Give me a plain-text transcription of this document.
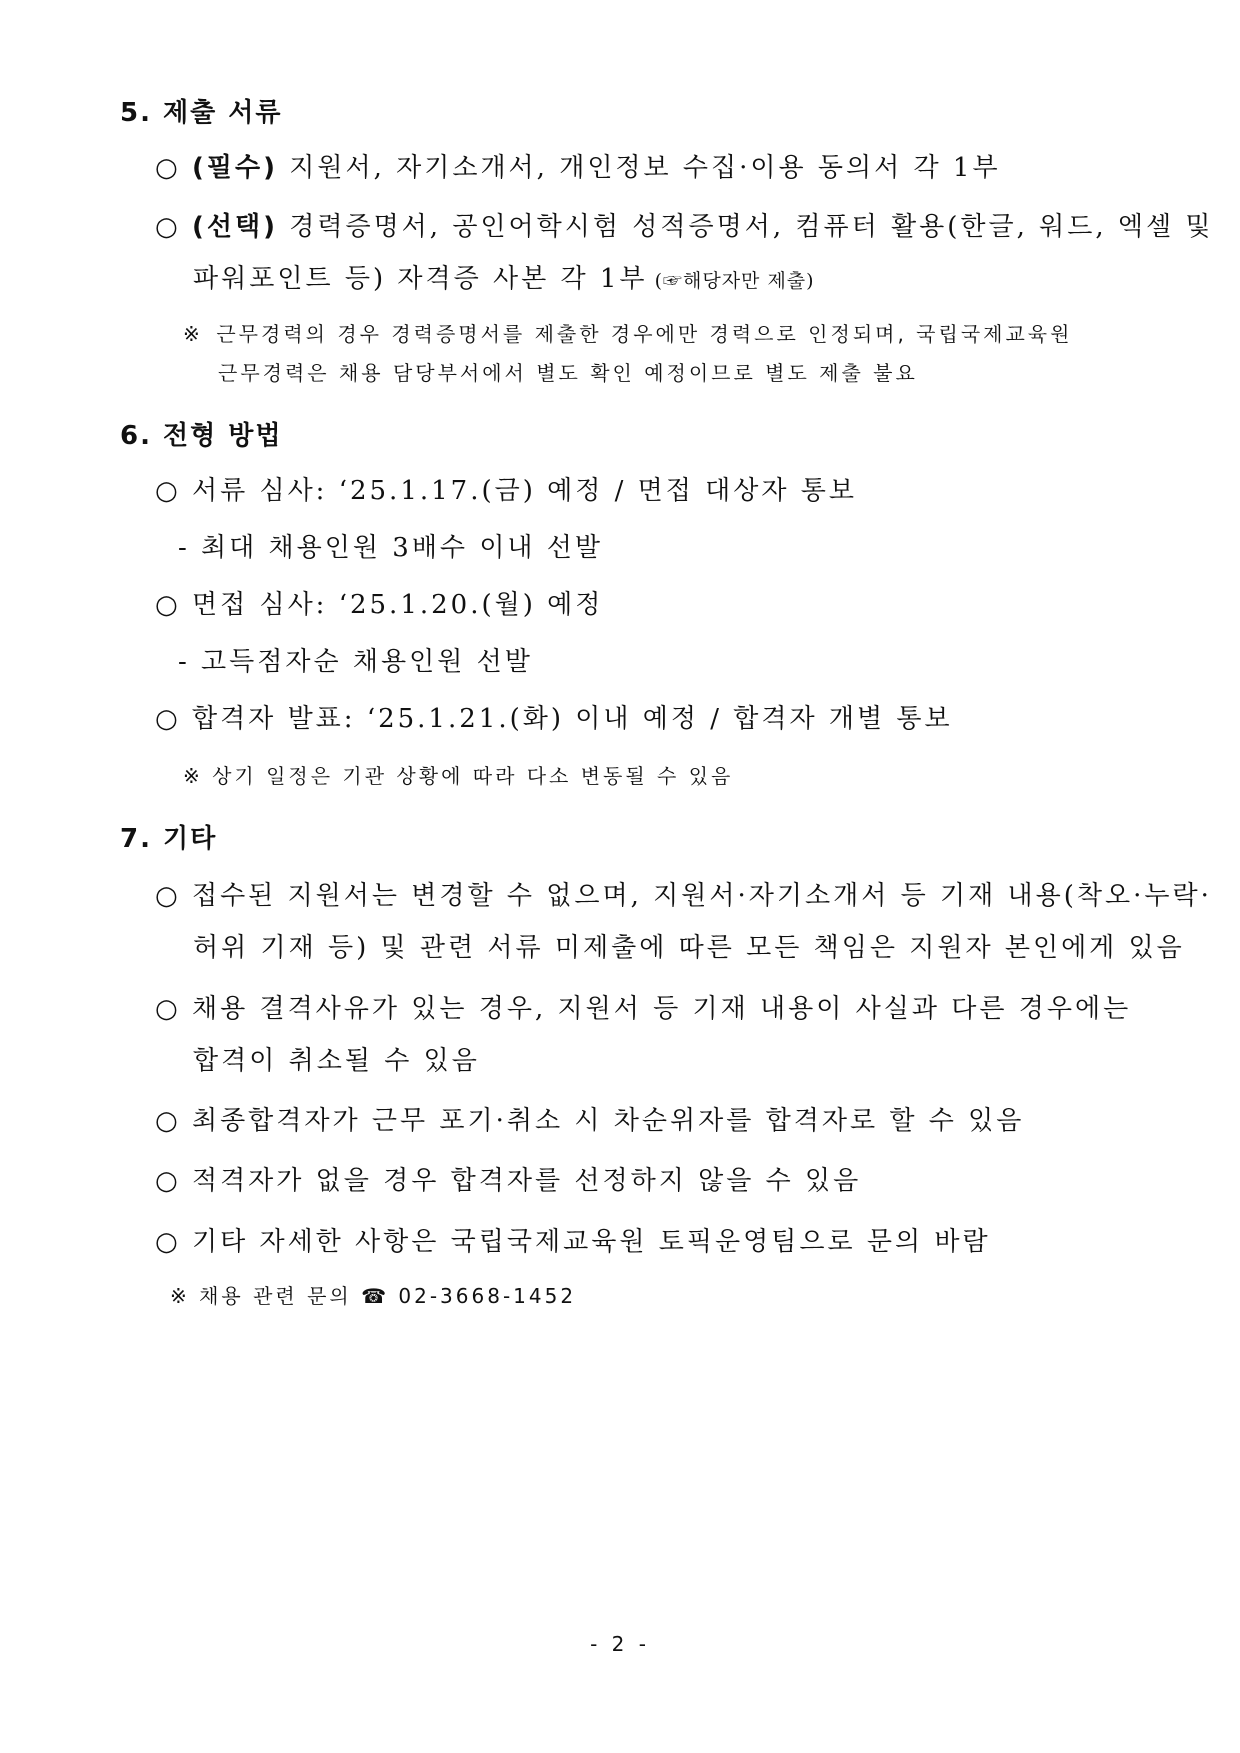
5. 제출 서류
○ (필수) 지원서, 자기소개서, 개인정보 수집·이용 동의서 각 1부
○ (선택) 경력증명서, 공인어학시험 성적증명서, 컴퓨터 활용(한글, 워드, 엑셀 및
파워포인트 등) 자격증 사본 각 1부 (☞해당자만 제출)
※ 근무경력의 경우 경력증명서를 제출한 경우에만 경력으로 인정되며, 국립국제교육원
근무경력은 채용 담당부서에서 별도 확인 예정이므로 별도 제출 불요
6. 전형 방법
○ 서류 심사: ‘25.1.17.(금) 예정 / 면접 대상자 통보
- 최대 채용인원 3배수 이내 선발
○ 면접 심사: ‘25.1.20.(월) 예정
- 고득점자순 채용인원 선발
○ 합격자 발표: ‘25.1.21.(화) 이내 예정 / 합격자 개별 통보
※ 상기 일정은 기관 상황에 따라 다소 변동될 수 있음
7. 기타
○ 접수된 지원서는 변경할 수 없으며, 지원서·자기소개서 등 기재 내용(착오·누락·
허위 기재 등) 및 관련 서류 미제출에 따른 모든 책임은 지원자 본인에게 있음
○ 채용 결격사유가 있는 경우, 지원서 등 기재 내용이 사실과 다른 경우에는
합격이 취소될 수 있음
○ 최종합격자가 근무 포기·취소 시 차순위자를 합격자로 할 수 있음
○ 적격자가 없을 경우 합격자를 선정하지 않을 수 있음
○ 기타 자세한 사항은 국립국제교육원 토픽운영팀으로 문의 바람
※ 채용 관련 문의 ☎ 02-3668-1452
- 2 -
